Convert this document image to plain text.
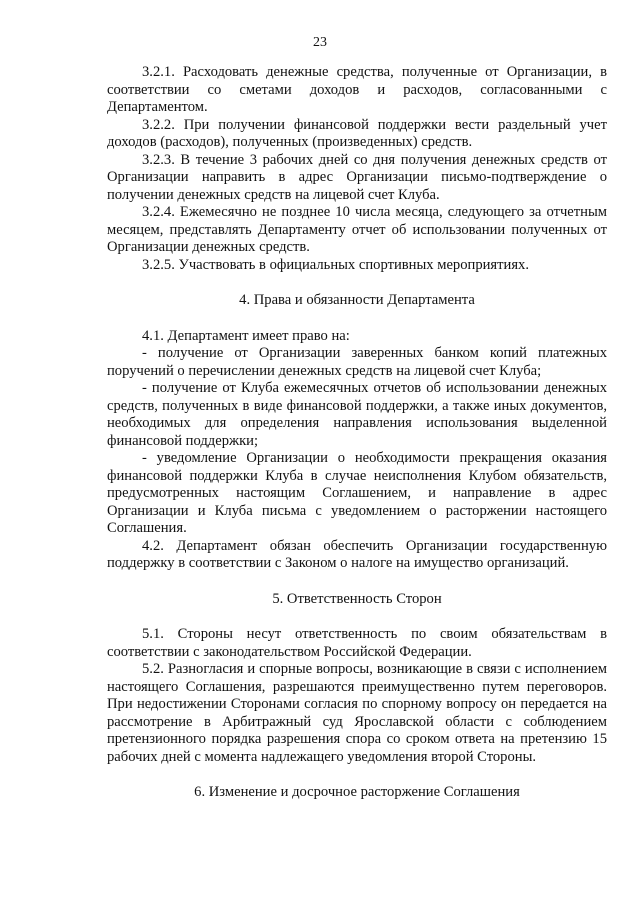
23

3.2.1. Расходовать денежные средства, полученные от Организации, в соответствии со сметами доходов и расходов, согласованными с Департаментом.

3.2.2. При получении финансовой поддержки вести раздельный учет доходов (расходов), полученных (произведенных) средств.

3.2.3. В течение 3 рабочих дней со дня получения денежных средств от Организации направить в адрес Организации письмо-подтверждение о получении денежных средств на лицевой счет Клуба.

3.2.4. Ежемесячно не позднее 10 числа месяца, следующего за отчетным месяцем, представлять Департаменту отчет об использовании полученных от Организации денежных средств.

3.2.5. Участвовать в официальных спортивных мероприятиях.

4. Права и обязанности Департамента

4.1. Департамент имеет право на:

- получение от Организации заверенных банком копий платежных поручений о перечислении денежных средств на лицевой счет Клуба;

- получение от Клуба ежемесячных отчетов об использовании денежных средств, полученных в виде финансовой поддержки, а также иных документов, необходимых для определения направления использования выделенной финансовой поддержки;

- уведомление Организации о необходимости прекращения оказания финансовой поддержки Клуба в случае неисполнения Клубом обязательств, предусмотренных настоящим Соглашением, и направление в адрес Организации и Клуба письма с уведомлением о расторжении настоящего Соглашения.

4.2. Департамент обязан обеспечить Организации государственную поддержку в соответствии с Законом о налоге на имущество организаций.

5. Ответственность Сторон

5.1. Стороны несут ответственность по своим обязательствам в соответствии с законодательством Российской Федерации.

5.2. Разногласия и спорные вопросы, возникающие в связи с исполнением настоящего Соглашения, разрешаются преимущественно путем переговоров. При недостижении Сторонами согласия по спорному вопросу он передается на рассмотрение в Арбитражный суд Ярославской области с соблюдением претензионного порядка разрешения спора со сроком ответа на претензию 15 рабочих дней с момента надлежащего уведомления второй Стороны.

6. Изменение и досрочное расторжение Соглашения
